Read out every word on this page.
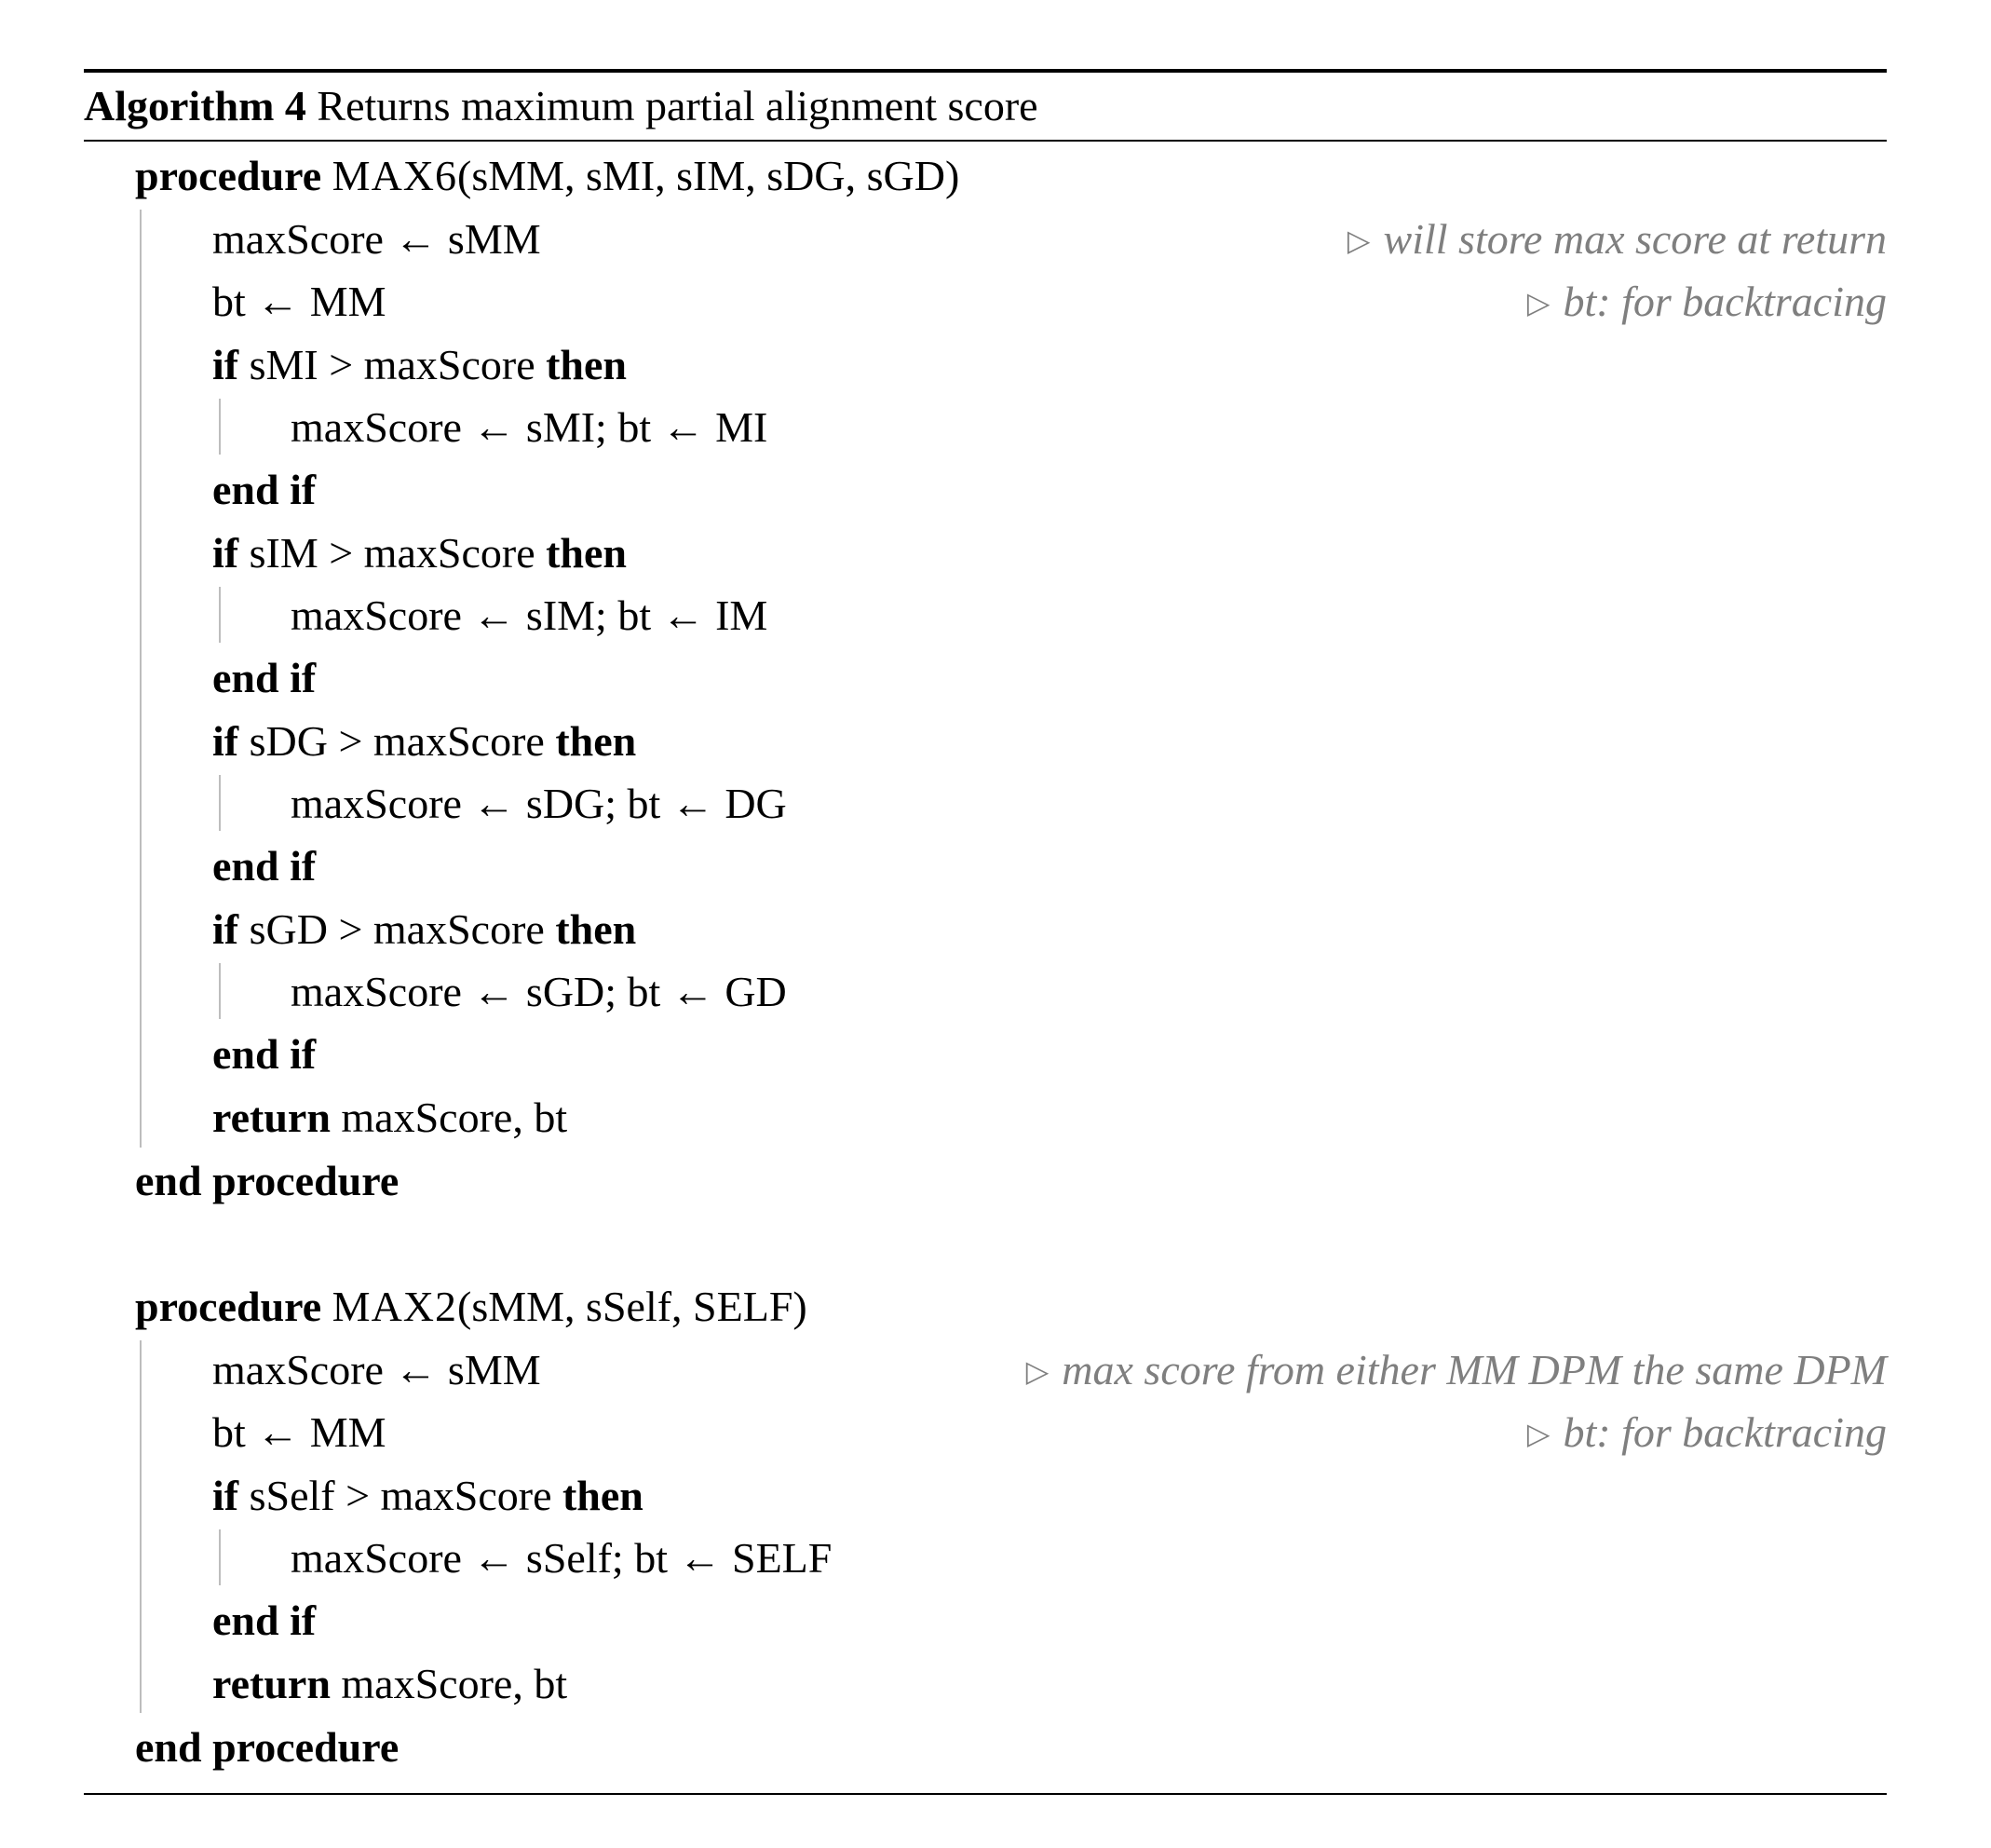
Algorithm 4 Returns maximum partial alignment score
procedure MAX6(sMM, sMI, sIM, sDG, sGD)
maxScore ← sMM	▷ will store max score at return
bt ← MM	▷ bt: for backtracing
if sMI > maxScore then
maxScore ← sMI; bt ← MI
end if
if sIM > maxScore then
maxScore ← sIM; bt ← IM
end if
if sDG > maxScore then
maxScore ← sDG; bt ← DG
end if
if sGD > maxScore then
maxScore ← sGD; bt ← GD
end if
return maxScore, bt
end procedure
procedure MAX2(sMM, sSelf, SELF)
maxScore ← sMM	▷ max score from either MM DPM the same DPM
bt ← MM	▷ bt: for backtracing
if sSelf > maxScore then
maxScore ← sSelf; bt ← SELF
end if
return maxScore, bt
end procedure
